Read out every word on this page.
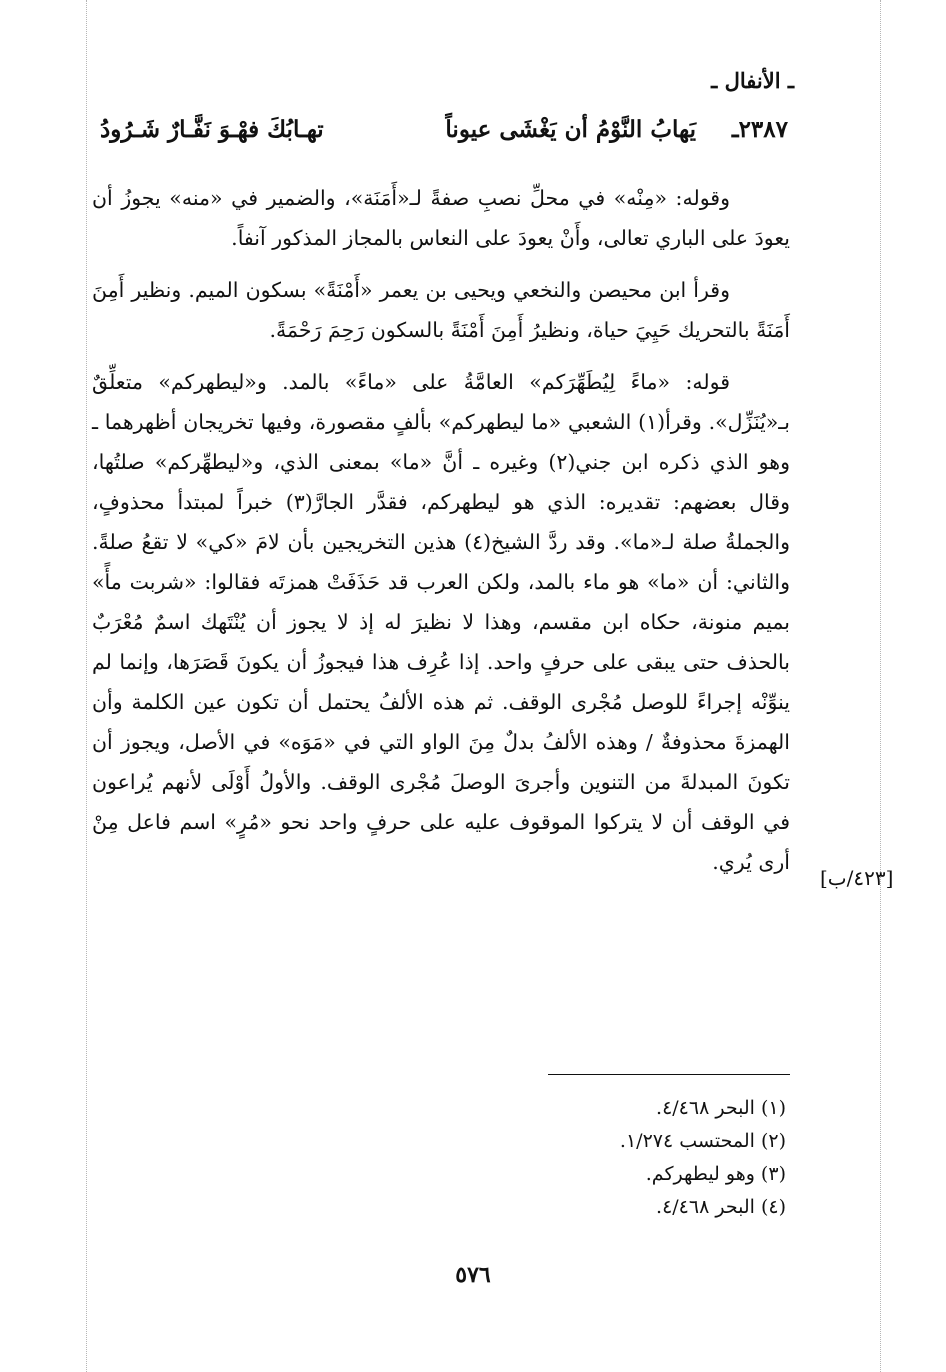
ـ الأنفال ـ
٢٣٨٧ـ
يَهابُ النَّوْمُ أن يَغْشَى عيوناً
تهـابُكَ فهْـوَ نَفَّـارٌ شَـرُودُ

وقوله: «مِنْه» في محلِّ نصبِ صفةً لـ«أَمَنَة»، والضمير في «منه» يجوزُ أن يعودَ على الباري تعالى، وأَنْ يعودَ على النعاس بالمجاز المذكور آنفاً.

وقرأ ابن محيصن والنخعي ويحيى بن يعمر «أَمْنَةً» بسكون الميم. ونظير أَمِنَ أَمَنَةً بالتحريك حَيِيَ حياة، ونظيرُ أَمِنَ أَمْنَةً بالسكون رَحِمَ رَحْمَةً.

قوله: «ماءً لِيُطَهِّرَكم» العامَّةُ على «ماءً» بالمد. و«ليطهركم» متعلِّقٌ بـ«يُنَزِّل». وقرأ(١) الشعبي «ما ليطهركم» بألفٍ مقصورة، وفيها تخريجان أظهرهما ـ وهو الذي ذكره ابن جني(٢) وغيره ـ أنَّ «ما» بمعنى الذي، و«ليطهِّركم» صلتُها، وقال بعضهم: تقديره: الذي هو ليطهركم، فقدَّر الجارَّ(٣) خبراً لمبتدأ محذوفٍ، والجملةُ صلة لـ«ما». وقد ردَّ الشيخ(٤) هذين التخريجين بأن لامَ «كي» لا تقعُ صلةً. والثاني: أن «ما» هو ماء بالمد، ولكن العرب قد حَذَفَتْ همزتَه فقالوا: «شربت مأً» بميم منونة، حكاه ابن مقسم، وهذا لا نظيرَ له إذ لا يجوز أن يُنْتَهك اسمٌ مُعْرَبٌ بالحذف حتى يبقى على حرفٍ واحد. إذا عُرِف هذا فيجوزُ أن يكونَ قَصَرَها، وإنما لم ينوِّنْه إجراءً للوصل مُجْرى الوقف. ثم هذه الألفُ يحتمل أن تكون عين الكلمة وأن الهمزةَ محذوفةٌ / وهذه الألفُ بدلٌ مِنَ الواو التي في «مَوَه» في الأصل، ويجوز أن تكونَ المبدلةَ من التنوين وأجرىَ الوصلَ مُجْرى الوقف. والأولُ أَوْلَى لأنهم يُراعون في الوقف أن لا يتركوا الموقوف عليه على حرفٍ واحد نحو «مُرٍ» اسم فاعل مِنْ أرى يُري.

[٤٢٣/ب]
(١) البحر ٤/٤٦٨.
(٢) المحتسب ١/٢٧٤.
(٣) وهو ليطهركم.
(٤) البحر ٤/٤٦٨.
٥٧٦
